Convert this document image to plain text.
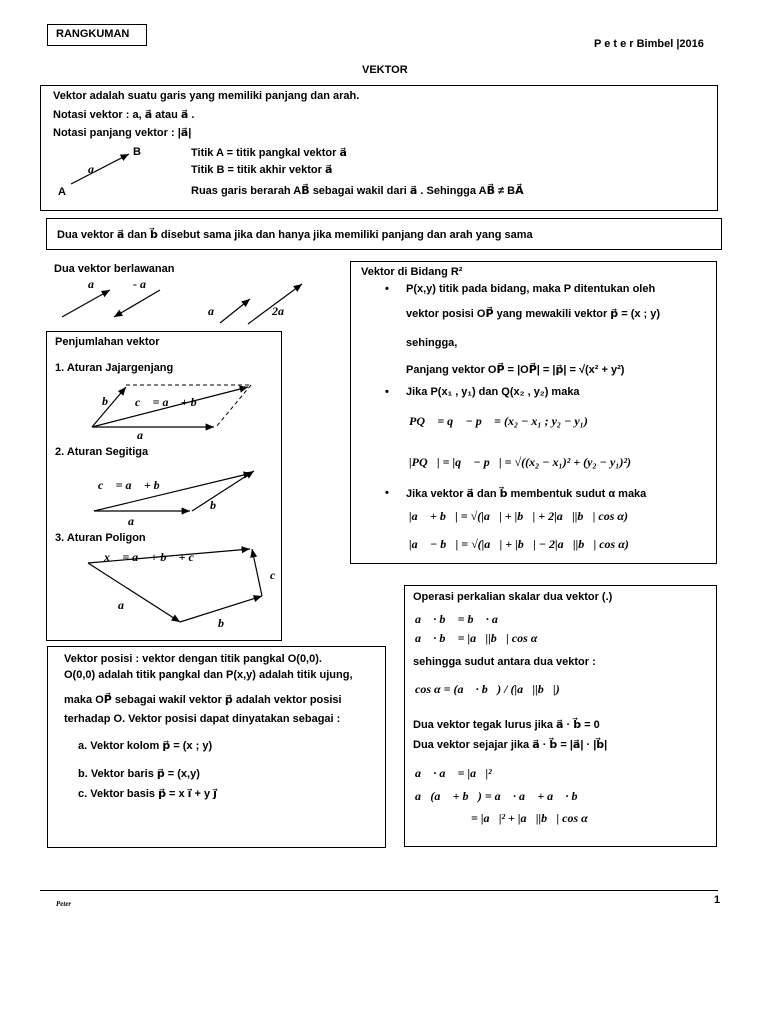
RANGKUMAN
P e t e r Bimbel |2016
VEKTOR
Vektor adalah suatu garis yang memiliki panjang dan arah.
Notasi vektor : a, a⃗ atau a⃗ .
Notasi panjang vektor : |a⃗|
B
a⃗
A
Titik A = titik pangkal vektor a⃗
Titik B = titik akhir vektor a⃗
Ruas garis berarah AB⃗ sebagai wakil dari a⃗ . Sehingga AB⃗ ≠ BA⃗
Dua vektor a⃗ dan b⃗ disebut sama jika dan hanya jika memiliki panjang dan arah yang sama
Dua vektor berlawanan
a⃗ - a⃗
a⃗	2a⃗
Penjumlahan vektor
1. Aturan Jajargenjang
2. Aturan Segitiga
3. Aturan Poligon
b⃗ c⃗ = a⃗ + b⃗
a⃗
c⃗ = a⃗ + b⃗
b⃗
a⃗
x⃗ = a⃗ + b⃗ + c⃗
c⃗
a⃗
b⃗
Vektor di Bidang R²
• P(x,y) titik pada bidang, maka P ditentukan oleh
vektor posisi OP⃗ yang mewakili vektor p⃗ = (x ; y)
sehingga,
Panjang vektor OP⃗ = |OP⃗| = |p⃗| = √(x² + y²)
• Jika P(x₁ , y₁) dan Q(x₂ , y₂) maka
PQ⃗ = q⃗ − p⃗ = (x₂ − x₁ ; y₂ − y₁)
|PQ⃗| = |q⃗ − p⃗| = √((x₂ − x₁)² + (y₂ − y₁)²)
• Jika vektor a⃗ dan b⃗ membentuk sudut α maka
|a⃗ + b⃗| = √(|a⃗| + |b⃗| + 2|a⃗||b⃗| cos α)
|a⃗ − b⃗| = √(|a⃗| + |b⃗| − 2|a⃗||b⃗| cos α)
Operasi perkalian skalar dua vektor (.)
a⃗ · b⃗ = b⃗ · a⃗
a⃗ · b⃗ = |a⃗||b⃗| cos α
sehingga sudut antara dua vektor :
cos α = (a⃗ · b⃗) / (|a⃗||b⃗|)
Dua vektor tegak lurus jika a⃗ · b⃗ = 0
Dua vektor sejajar jika a⃗ · b⃗ = |a⃗| · |b⃗|
a⃗ · a⃗ = |a⃗|²
a⃗(a⃗ + b⃗) = a⃗ · a⃗ + a⃗ · b⃗
= |a⃗|² + |a⃗||b⃗| cos α
Vektor posisi : vektor dengan titik pangkal O(0,0).
O(0,0) adalah titik pangkal dan P(x,y) adalah titik ujung,
maka OP⃗ sebagai wakil vektor p⃗ adalah vektor posisi
terhadap O. Vektor posisi dapat dinyatakan sebagai :
a. Vektor kolom p⃗ = (x ; y)
b. Vektor baris p⃗ = (x,y)
c. Vektor basis p⃗ = x i⃗ + y j⃗
1
Peter
